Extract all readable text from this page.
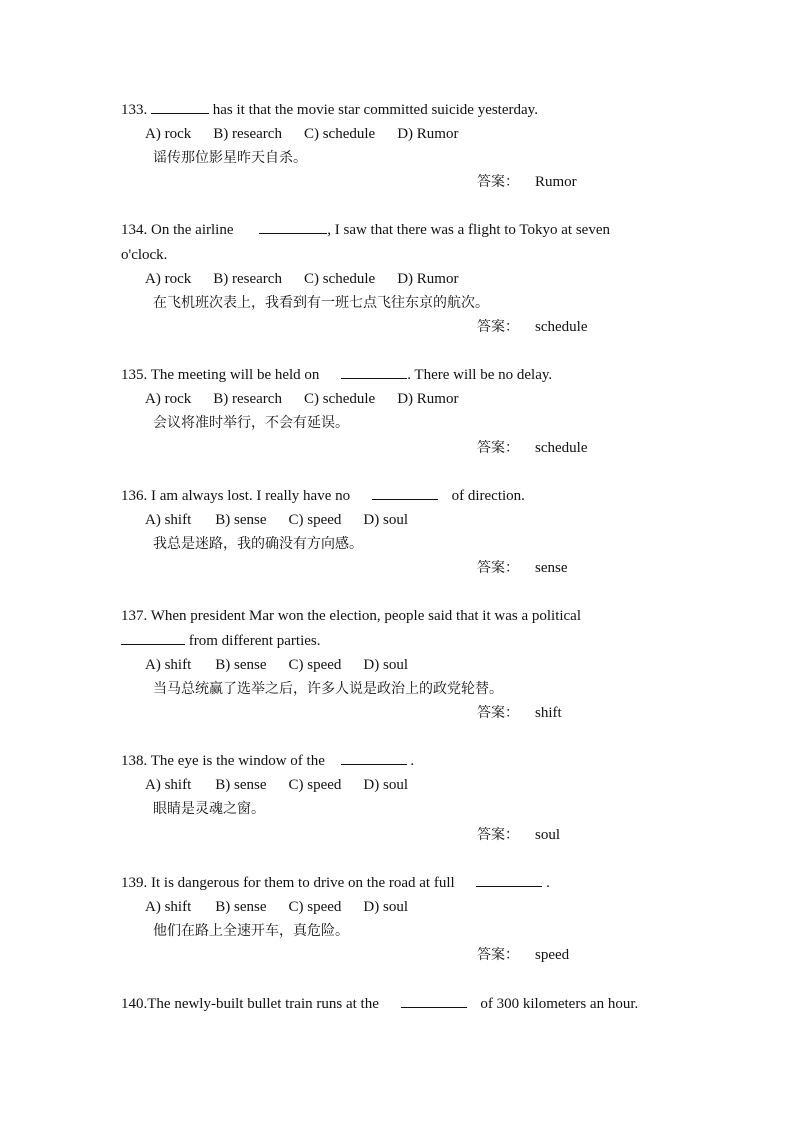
133.	has it that the movie star committed suicide yesterday.
A) rock B) research C) schedule D) Rumor
谣传那位影星昨天自杀。
答案： Rumor
134. On the airline	, I saw that there was a flight to Tokyo at seven
o'clock.
A) rock B) research C) schedule D) Rumor
在飞机班次表上，我看到有一班七点飞往东京的航次。
答案： schedule
135. The meeting will be held on	. There will be no delay.
A) rock B) research C) schedule D) Rumor
会议将准时举行，不会有延误。
答案： schedule
136. I am always lost. I really have no	of direction.
A) shift B) sense C) speed D) soul
我总是迷路，我的确没有方向感。
答案： sense
137. When president Mar won the election, people said that it was a political
from different parties.
A) shift B) sense C) speed D) soul
当马总统赢了选举之后，许多人说是政治上的政党轮替。
答案： shift
138. The eye is the window of the	.
A) shift B) sense C) speed D) soul
眼睛是灵魂之窗。
答案： soul
139. It is dangerous for them to drive on the road at full	.
A) shift B) sense C) speed D) soul
他们在路上全速开车，真危险。
答案： speed
140.The newly-built bullet train runs at the	of 300 kilometers an hour.
